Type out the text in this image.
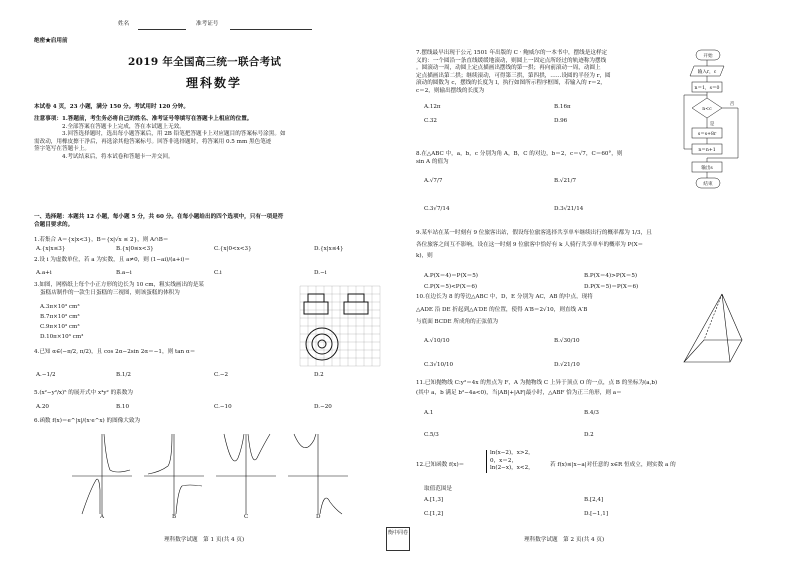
姓名	准考证号
绝密★启用前
2019 年全国高三统一联合考试
理科数学
本试卷 4 页，23 小题，满分 150 分。考试用时 120 分钟。
注意事项：1.答题前，考生务必将自己的姓名、准考证号等填写在答题卡上相应的位置。
2.全部答案在答题卡上完成，答在本试题上无效。
3.回答选择题时，选出每小题答案后，用 2B 铅笔把答题卡上对应题目的答案标号涂黑。如
需改动，用橡皮擦干净后，再选涂其他答案标号。回答非选择题时，将答案用 0.5 mm 黑色笔迹
签字笔写在答题卡上。
4.考试结束后，将本试卷和答题卡一并交回。
一、选择题：本题共 12 小题，每小题 5 分，共 60 分。在每小题给出的四个选项中，只有一项是符
合题目要求的。
1.若集合 A＝{x|x<3}，B＝{x|√x ≤ 2}，则 A∩B＝
A.{x|x≤3}	B.{x|0≤x<3}	C.{x|0<x<3}	D.{x|x≤4}
2.设 i 为虚数单位，若 a 为实数，且 a≠0，则 (1−ai)/(a+i)＝
A.a+i	B.a−i	C.i	D.−i
3.如图，网格纸上每个小正方形的边长为 10 cm，粗实线画出的是某
蛋糕店制作的一款生日蛋糕的三视图，则该蛋糕的体积为
A.3π×10³ cm³
B.7π×10³ cm³
C.9π×10³ cm³
D.10π×10³ cm³
4.已知 α∈(−π/2, π/2)，且 cos 2α−2sin 2α＝−1，则 tan α＝
A.−1/2	B.1/2	C.−2	D.2
5.(x²−y²/x)⁵ 的展开式中 x⁴y² 的系数为
A.20	B.10	C.−10	D.−20
6.函数 f(x)＝e^|x|/(x·e^x) 的图像大致为
A	B	C	D
7.摆线最早出现于公元 1501 年出版的 C · 鲍威尔的一本书中，摆线是这样定
义的：一个圆沿一条直线缓缓地滚动，则圆上一固定点所经过的轨迹称为摆线
。圆滚动一周，动圆上定点描画出摆线的第一拱；再向前滚动一周，动圆上
定点描画出第二拱；继续滚动，可得第三拱，第四拱，……设圆的半径为 r，圆
滚动的圆数为 c，摆线的长度为 l，执行如图所示程序框图，若输入的 r＝2，
c＝2，则输出摆线的长度为
A.12π	B.16π
C.32	D.96
开始
输入r，c
n＝1，s＝0
n<c
是
否
s＝s+8r
n＝n+1
输出s
结束
8.在△ABC 中，a，b，c 分别为角 A，B，C 的对边，b＝2，c＝√7，C＝60°，则
sin A 的值为
A.√7/7	B.√21/7
C.3√7/14	D.3√21/14
9.某车站在某一时刻有 9 位旅客出站，假设每位旅客选择共享单车继续出行的概率都为 1/3，且
各位旅客之间互不影响，设在这一时刻 9 位旅客中恰好有 k 人骑行共享单车的概率为 P(X＝
k)，则
A.P(X＝4)＝P(X＝5)	B.P(X＝4)>P(X＝5)
C.P(X＝5)<P(X＝6)	D.P(X＝5)＝P(X＝6)
10.在边长为 8 的等边△ABC 中，D，E 分别为 AC，AB 的中点，现将
△ADE 沿 DE 折起到△A′DE 的位置，使得 A′B＝2√10，则直线 A′B
与底面 BCDE 所成角的正弦值为
A.√10/10	B.√30/10
C.3√10/10	D.√21/10
11.已知抛物线 C:y²＝4x 的焦点为 F，A 为抛物线 C 上异于顶点 O 的一点，点 B 的坐标为(a,b)
(其中 a，b 满足 b²−4a<0)，当|AB|+|AF|最小时，△ABF 恰为正三角形，则 a＝
A.1	B.4/3
C.5/3	D.2
12.已知函数 f(x)＝
ln(x−2)，x>2，
0，x＝2，
ln(2−x)，x<2，
若 f(x)≤|x−a|对任意的 x∈R 恒成立，则实数 a 的
取值范围是
A.[1,3]	B.[2,4]
C.[1,2]	D.[−1,1]
理科数学试题　第 1 页(共 4 页)
衡中同卷
理科数学试题　第 2 页(共 4 页)
